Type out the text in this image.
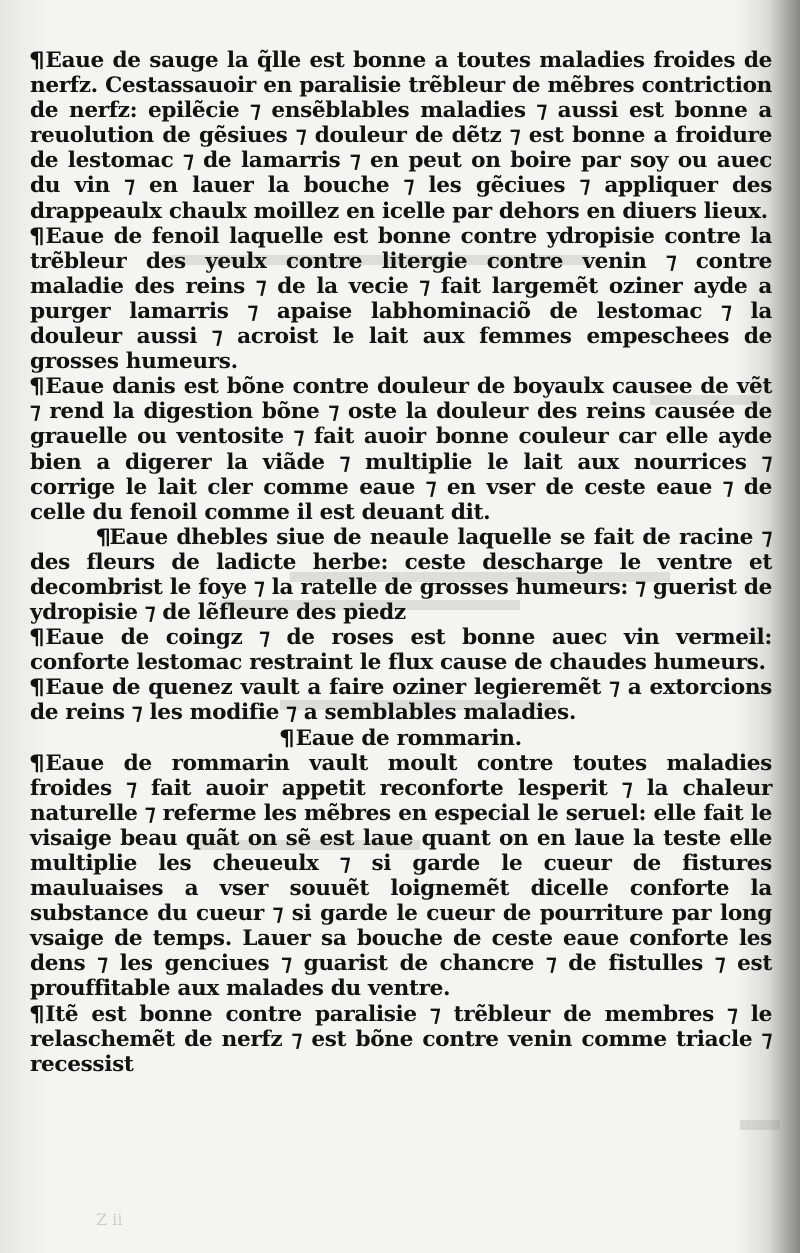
¶Eaue de sauge la q̃lle est bonne a toutes maladies froides de nerfz. Cestassauoir en paralisie trẽbleur de mẽbres contriction de nerfz: epilẽcie ⁊ ensẽblables maladies ⁊ aussi est bonne a reuolution de gẽsiues ⁊ douleur de dẽtz ⁊ est bonne a froidure de lestomac ⁊ de lamarris ⁊ en peut on boire par soy ou auec du vin ⁊ en lauer la bouche ⁊ les gẽciues ⁊ appliquer des drappeaulx chaulx moillez en icelle par dehors en diuers lieux.

¶Eaue de fenoil laquelle est bonne contre ydropisie contre la trẽbleur des yeulx contre litergie contre venin ⁊ contre maladie des reins ⁊ de la vecie ⁊ fait largemẽt oziner ayde a purger lamarris ⁊ apaise labhominaciõ de lestomac ⁊ la douleur aussi ⁊ acroist le lait aux femmes empeschees de grosses humeurs.

¶Eaue danis est bõne contre douleur de boyaulx causee de vẽt ⁊ rend la digestion bõne ⁊ oste la douleur des reins causée de grauelle ou ventosite ⁊ fait auoir bonne couleur car elle ayde bien a digerer la viãde ⁊ multiplie le lait aux nourrices ⁊ corrige le lait cler comme eaue ⁊ en vser de ceste eaue ⁊ de celle du fenoil comme il est deuant dit.

¶Eaue dhebles siue de neaule laquelle se fait de racine ⁊ des fleurs de ladicte herbe: ceste descharge le ventre et decombrist le foye ⁊ la ratelle de grosses humeurs: ⁊ guerist de ydropisie ⁊ de lẽfleure des piedz

¶Eaue de coingz ⁊ de roses est bonne auec vin vermeil: conforte lestomac restraint le flux cause de chaudes humeurs.

¶Eaue de quenez vault a faire oziner legieremẽt ⁊ a extorcions de reins ⁊ les modifie ⁊ a semblables maladies.

¶Eaue de rommarin.

¶Eaue de rommarin vault moult contre toutes maladies froides ⁊ fait auoir appetit reconforte lesperit ⁊ la chaleur naturelle ⁊ referme les mẽbres en especial le seruel: elle fait le visaige beau quãt on sẽ est laue quant on en laue la teste elle multiplie les cheueulx ⁊ si garde le cueur de fistures mauluaises a vser souuẽt loignemẽt dicelle conforte la substance du cueur ⁊ si garde le cueur de pourriture par long vsaige de temps. Lauer sa bouche de ceste eaue conforte les dens ⁊ les genciues ⁊ guarist de chancre ⁊ de fistulles ⁊ est prouffitable aux malades du ventre.

¶Itẽ est bonne contre paralisie ⁊ trẽbleur de membres ⁊ le relaschemẽt de nerfz ⁊ est bõne contre venin comme triacle ⁊ recessist

Z ii
